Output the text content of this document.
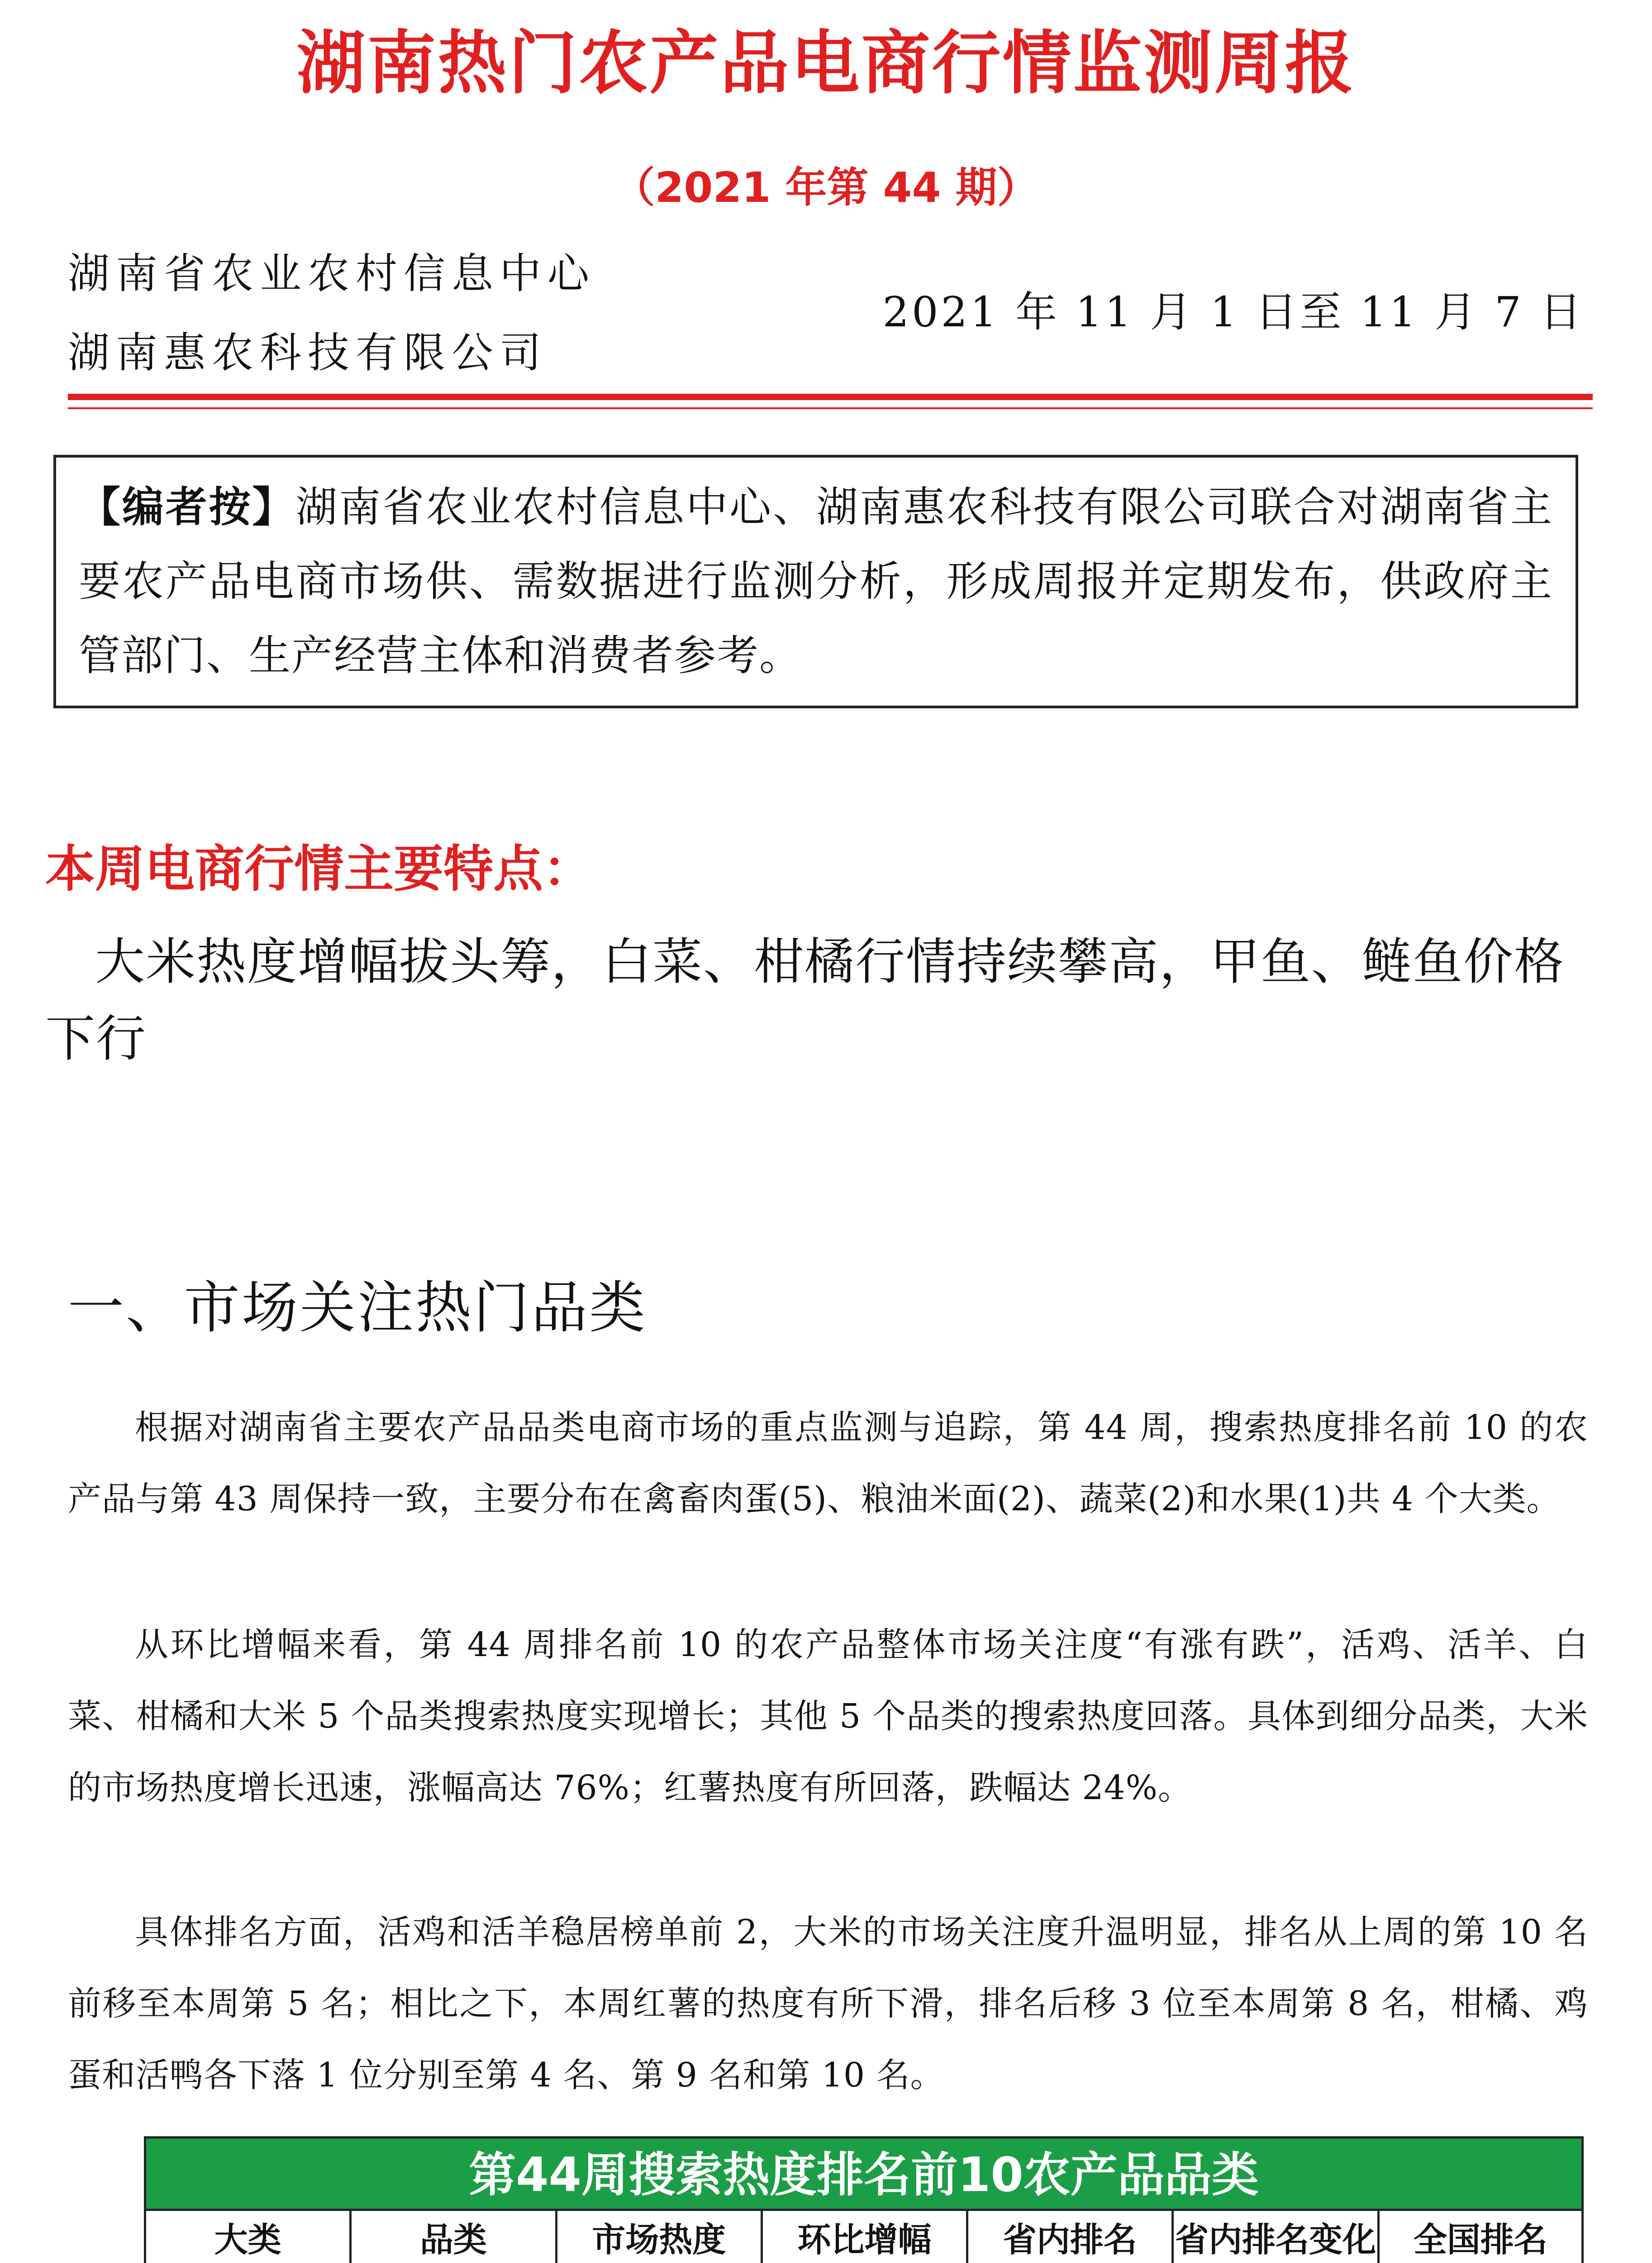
湖南热门农产品电商行情监测周报
（2021 年第 44 期）
湖南省农业农村信息中心
湖南惠农科技有限公司
2021 年 11 月 1 日至 11 月 7 日

【编者按】湖南省农业农村信息中心、湖南惠农科技有限公司联合对湖南省主要农产品电商市场供、需数据进行监测分析，形成周报并定期发布，供政府主管部门、生产经营主体和消费者参考。

本周电商行情主要特点：

大米热度增幅拔头筹，白菜、柑橘行情持续攀高，甲鱼、鲢鱼价格下行

一、市场关注热门品类

根据对湖南省主要农产品品类电商市场的重点监测与追踪，第 44 周，搜索热度排名前 10 的农产品与第 43 周保持一致，主要分布在禽畜肉蛋(5)、粮油米面(2)、蔬菜(2)和水果(1)共 4 个大类。

从环比增幅来看，第 44 周排名前 10 的农产品整体市场关注度“有涨有跌”，活鸡、活羊、白菜、柑橘和大米 5 个品类搜索热度实现增长；其他 5 个品类的搜索热度回落。具体到细分品类，大米的市场热度增长迅速，涨幅高达 76%；红薯热度有所回落，跌幅达 24%。

具体排名方面，活鸡和活羊稳居榜单前 2，大米的市场关注度升温明显，排名从上周的第 10 名前移至本周第 5 名；相比之下，本周红薯的热度有所下滑，排名后移 3 位至本周第 8 名，柑橘、鸡蛋和活鸭各下落 1 位分别至第 4 名、第 9 名和第 10 名。

第44周搜索热度排名前10农产品品类
大类	品类	市场热度	环比增幅	省内排名	省内排名变化	全国排名
